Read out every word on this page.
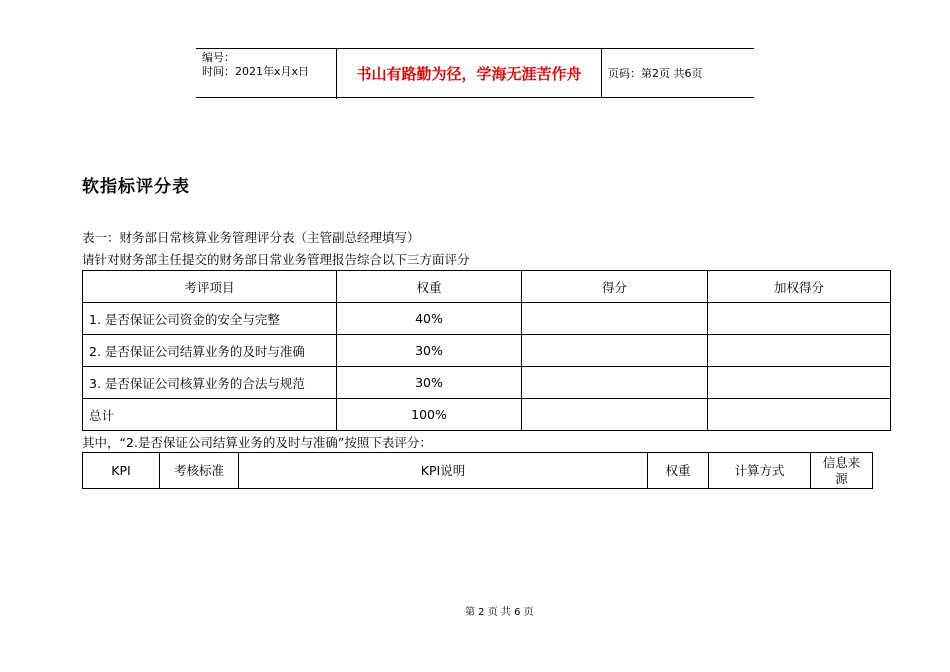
编号：
时间：2021年x月x日	书山有路勤为径，学海无涯苦作舟	页码：第2页 共6页
软指标评分表
表一：财务部日常核算业务管理评分表（主管副总经理填写）
请针对财务部主任提交的财务部日常业务管理报告综合以下三方面评分
考评项目	权重	得分	加权得分
1. 是否保证公司资金的安全与完整	40%		
2. 是否保证公司结算业务的及时与准确	30%		
3. 是否保证公司核算业务的合法与规范	30%		
总计	100%		
其中，“2.是否保证公司结算业务的及时与准确”按照下表评分：
KPI	考核标准	KPI说明	权重	计算方式	信息来源
第 2 页 共 6 页
